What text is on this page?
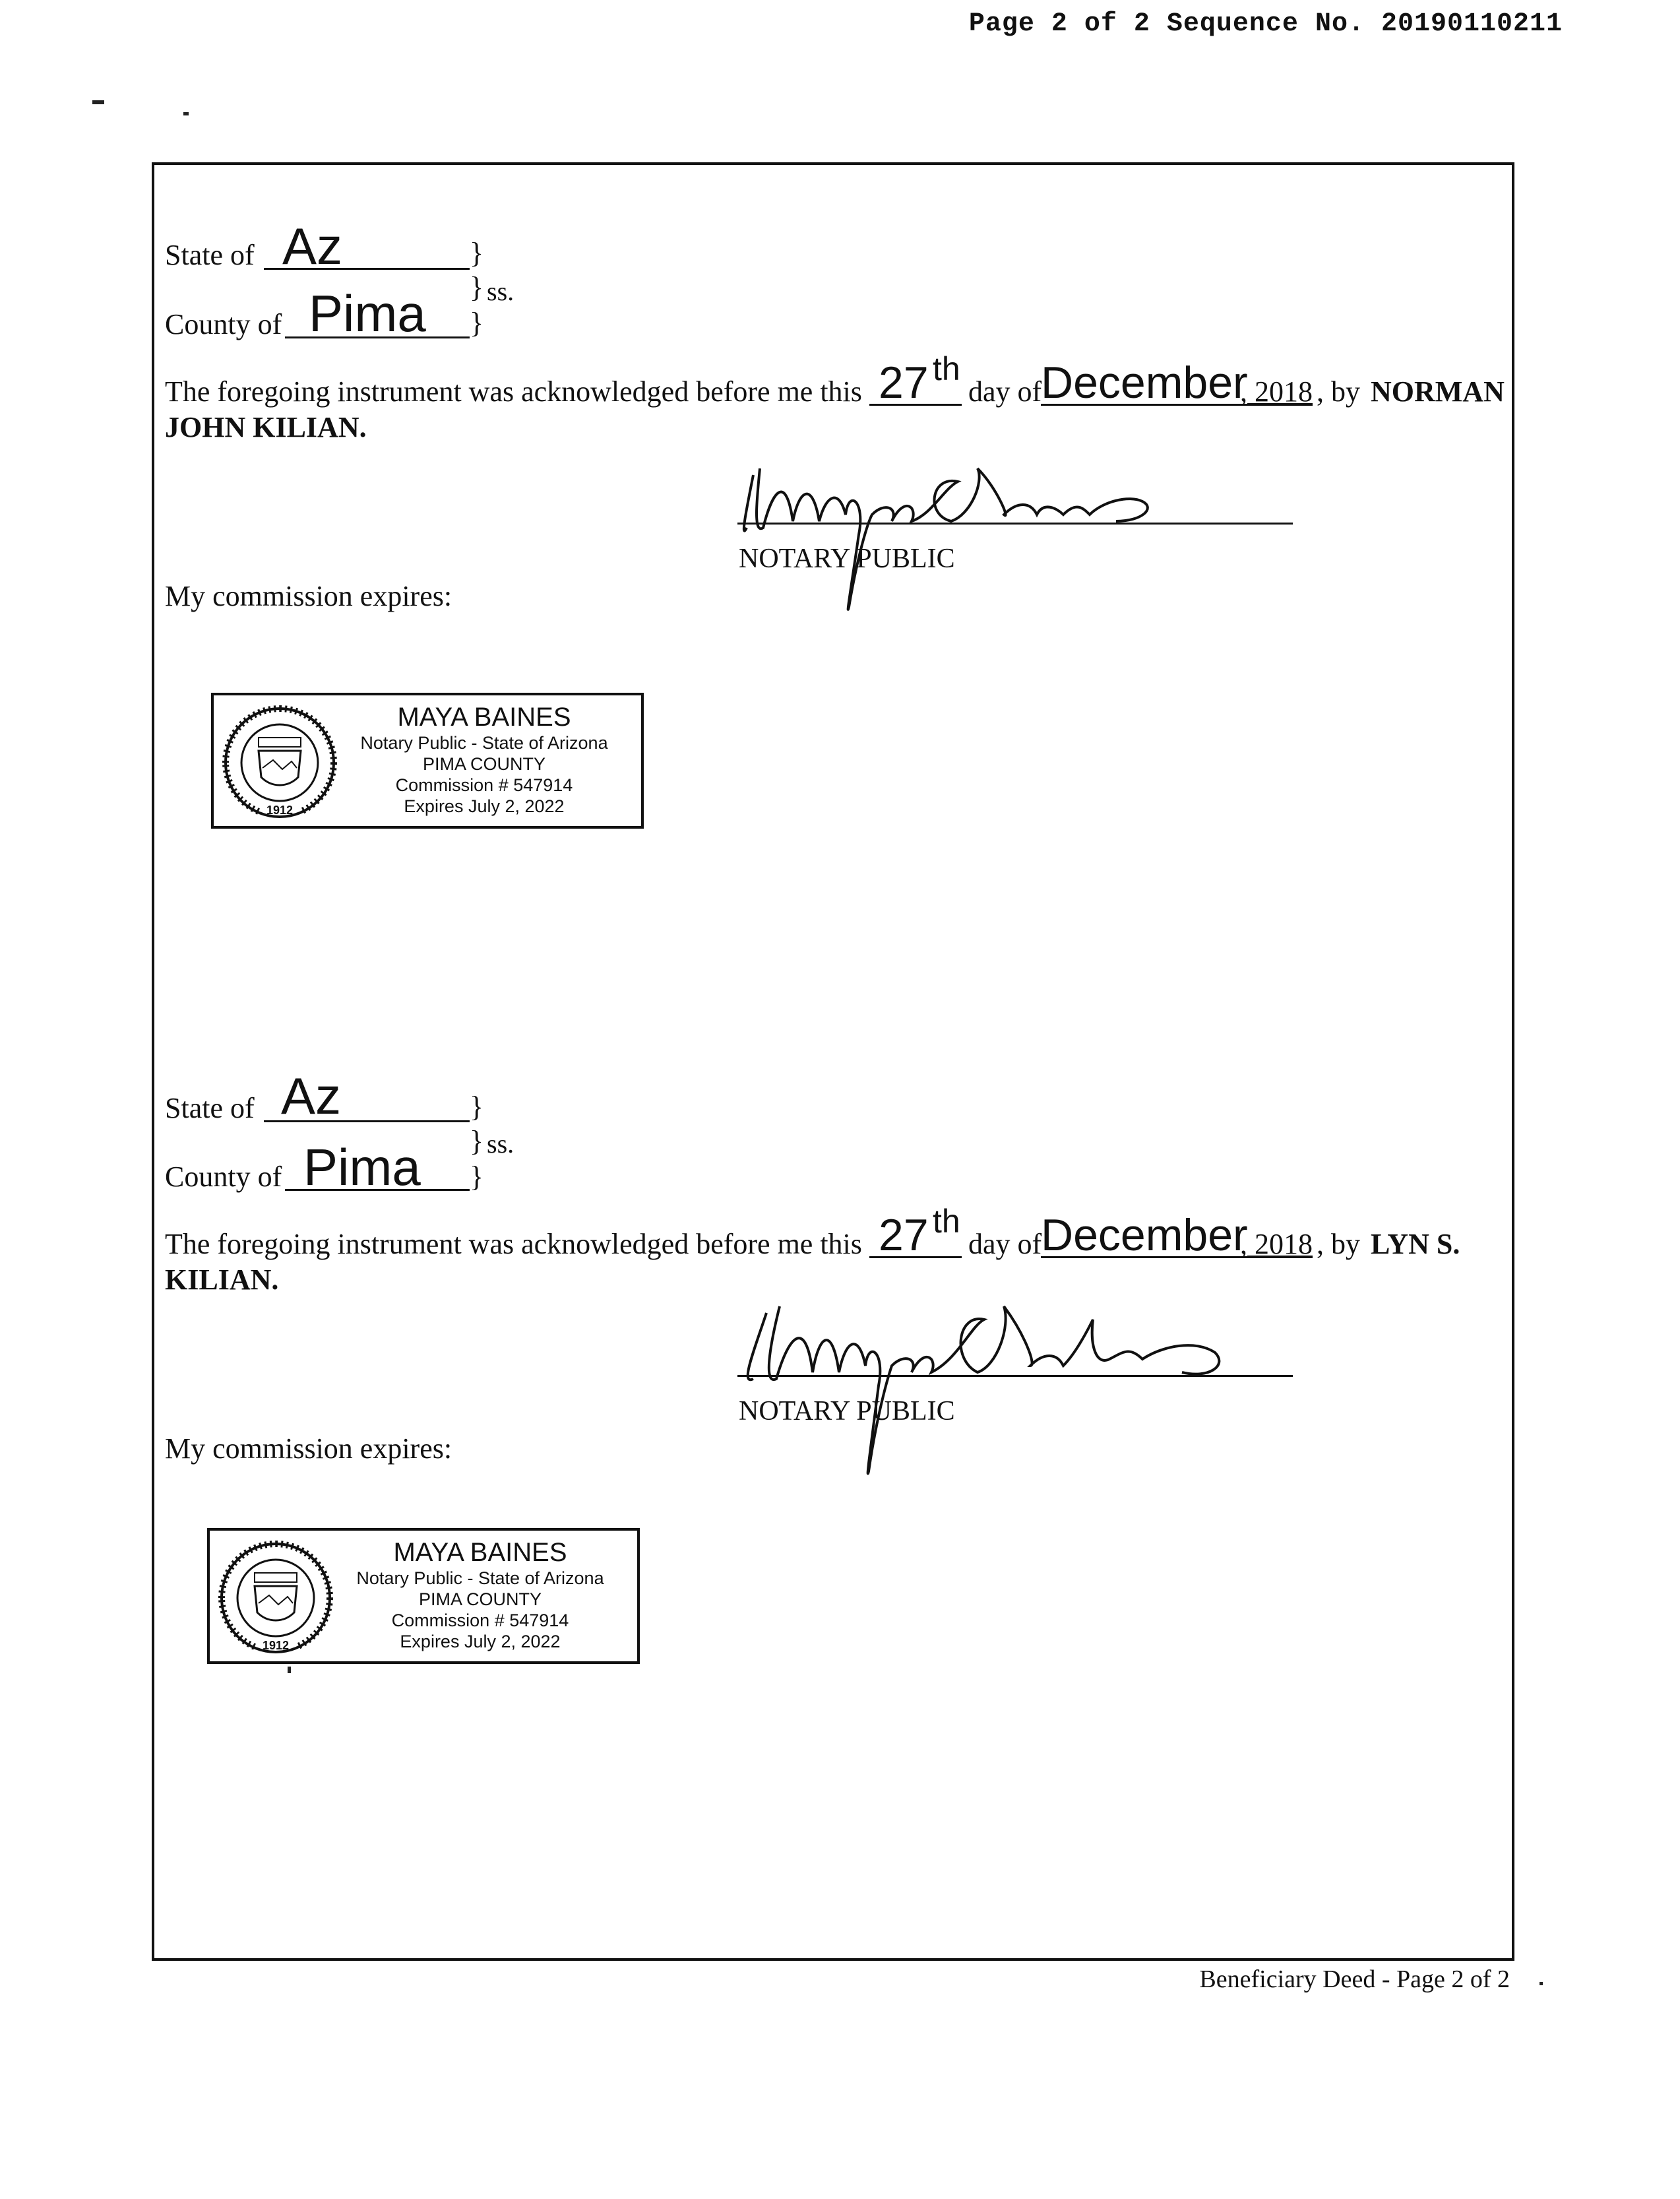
Page 2 of 2 Sequence No. 20190110211
State of Az	}
} ss.
}
County of Pima
The foregoing instrument was acknowledged before me this 27 th
day of
December
, 2018 , by NORMAN
JOHN KILIAN.
NOTARY PUBLIC
My commission expires:
1912
MAYA BAINES
Notary Public - State of Arizona
PIMA COUNTY
Commission # 547914
Expires July 2, 2022
State of Az	}
} ss.
}
County of Pima
The foregoing instrument was acknowledged before me this 27 th
day of
December
, 2018 , by LYN S.
KILIAN.
NOTARY PUBLIC
My commission expires:
1912
MAYA BAINES
Notary Public - State of Arizona
PIMA COUNTY
Commission # 547914
Expires July 2, 2022
Beneficiary Deed - Page 2 of 2
